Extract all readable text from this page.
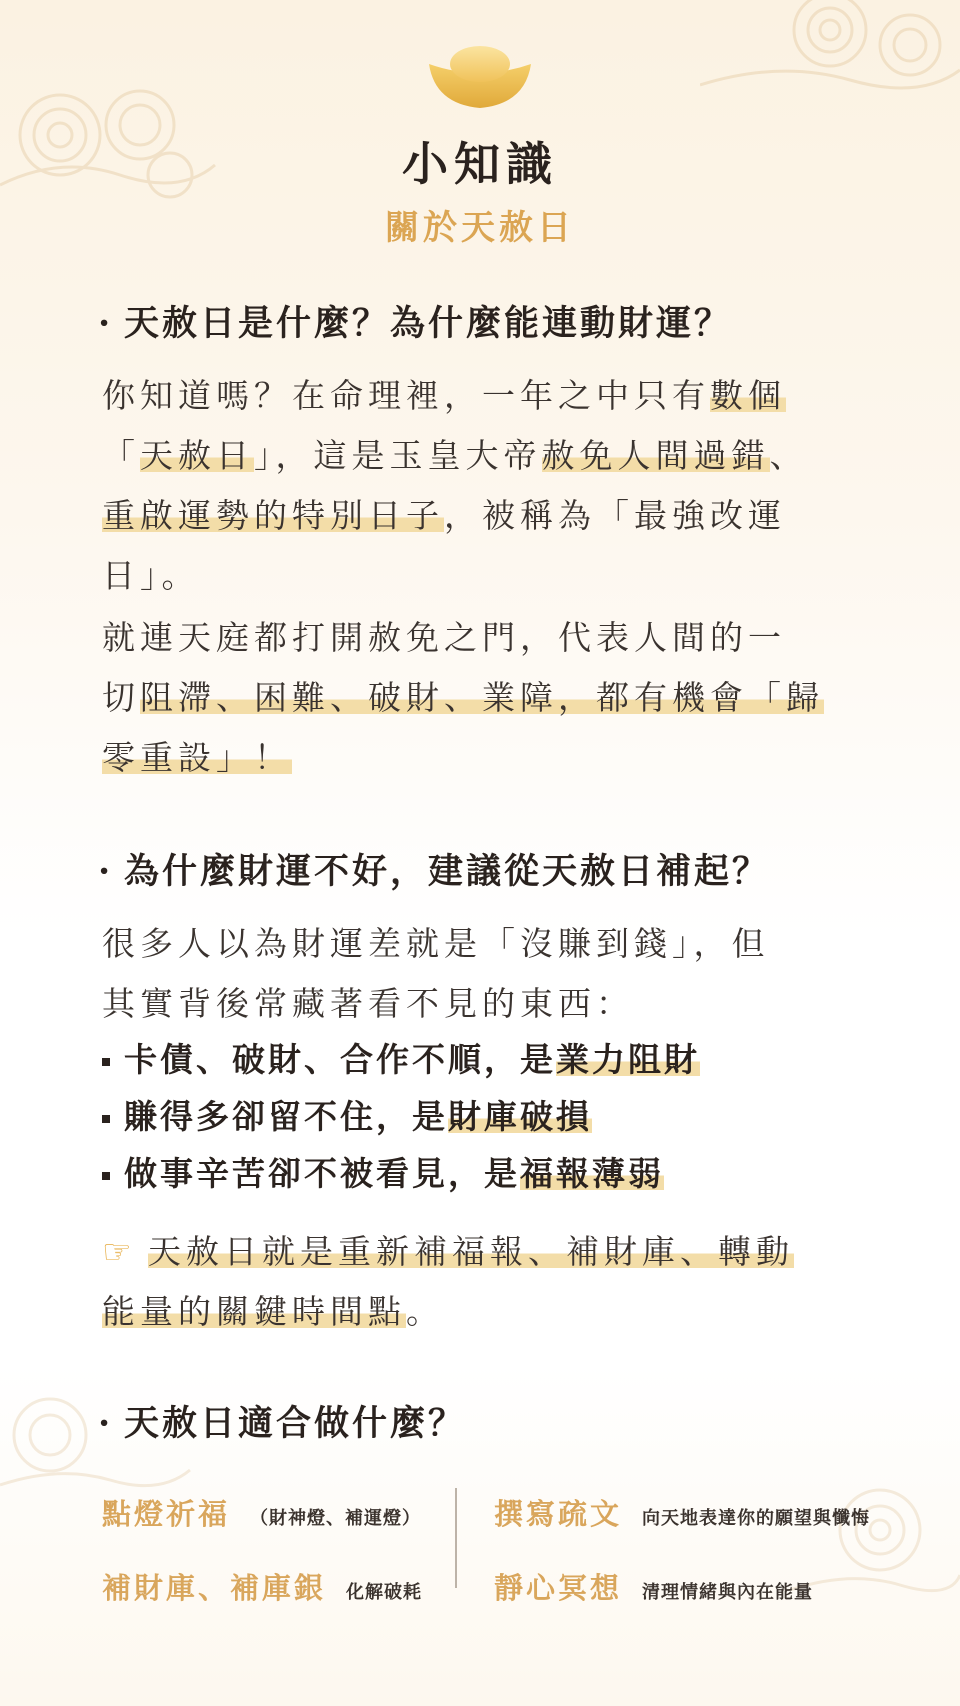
小知識
關於天赦日
· 天赦日是什麼？為什麼能連動財運？
你知道嗎？在命理裡，一年之中只有數個
「天赦日」，這是玉皇大帝赦免人間過錯、
重啟運勢的特別日子，被稱為「最強改運
日」。
就連天庭都打開赦免之門，代表人間的一
切阻滯、困難、破財、業障，都有機會「歸
零重設」！
· 為什麼財運不好，建議從天赦日補起？
很多人以為財運差就是「沒賺到錢」，但
其實背後常藏著看不見的東西：
卡債、破財、合作不順，是業力阻財
賺得多卻留不住，是財庫破損
做事辛苦卻不被看見，是福報薄弱
☞ 天赦日就是重新補福報、補財庫、轉動
能量的關鍵時間點。
· 天赦日適合做什麼？
點燈祈福 （財神燈、補運燈）	撰寫疏文 向天地表達你的願望與懺悔
補財庫、補庫銀 化解破耗 靜心冥想 清理情緒與內在能量
